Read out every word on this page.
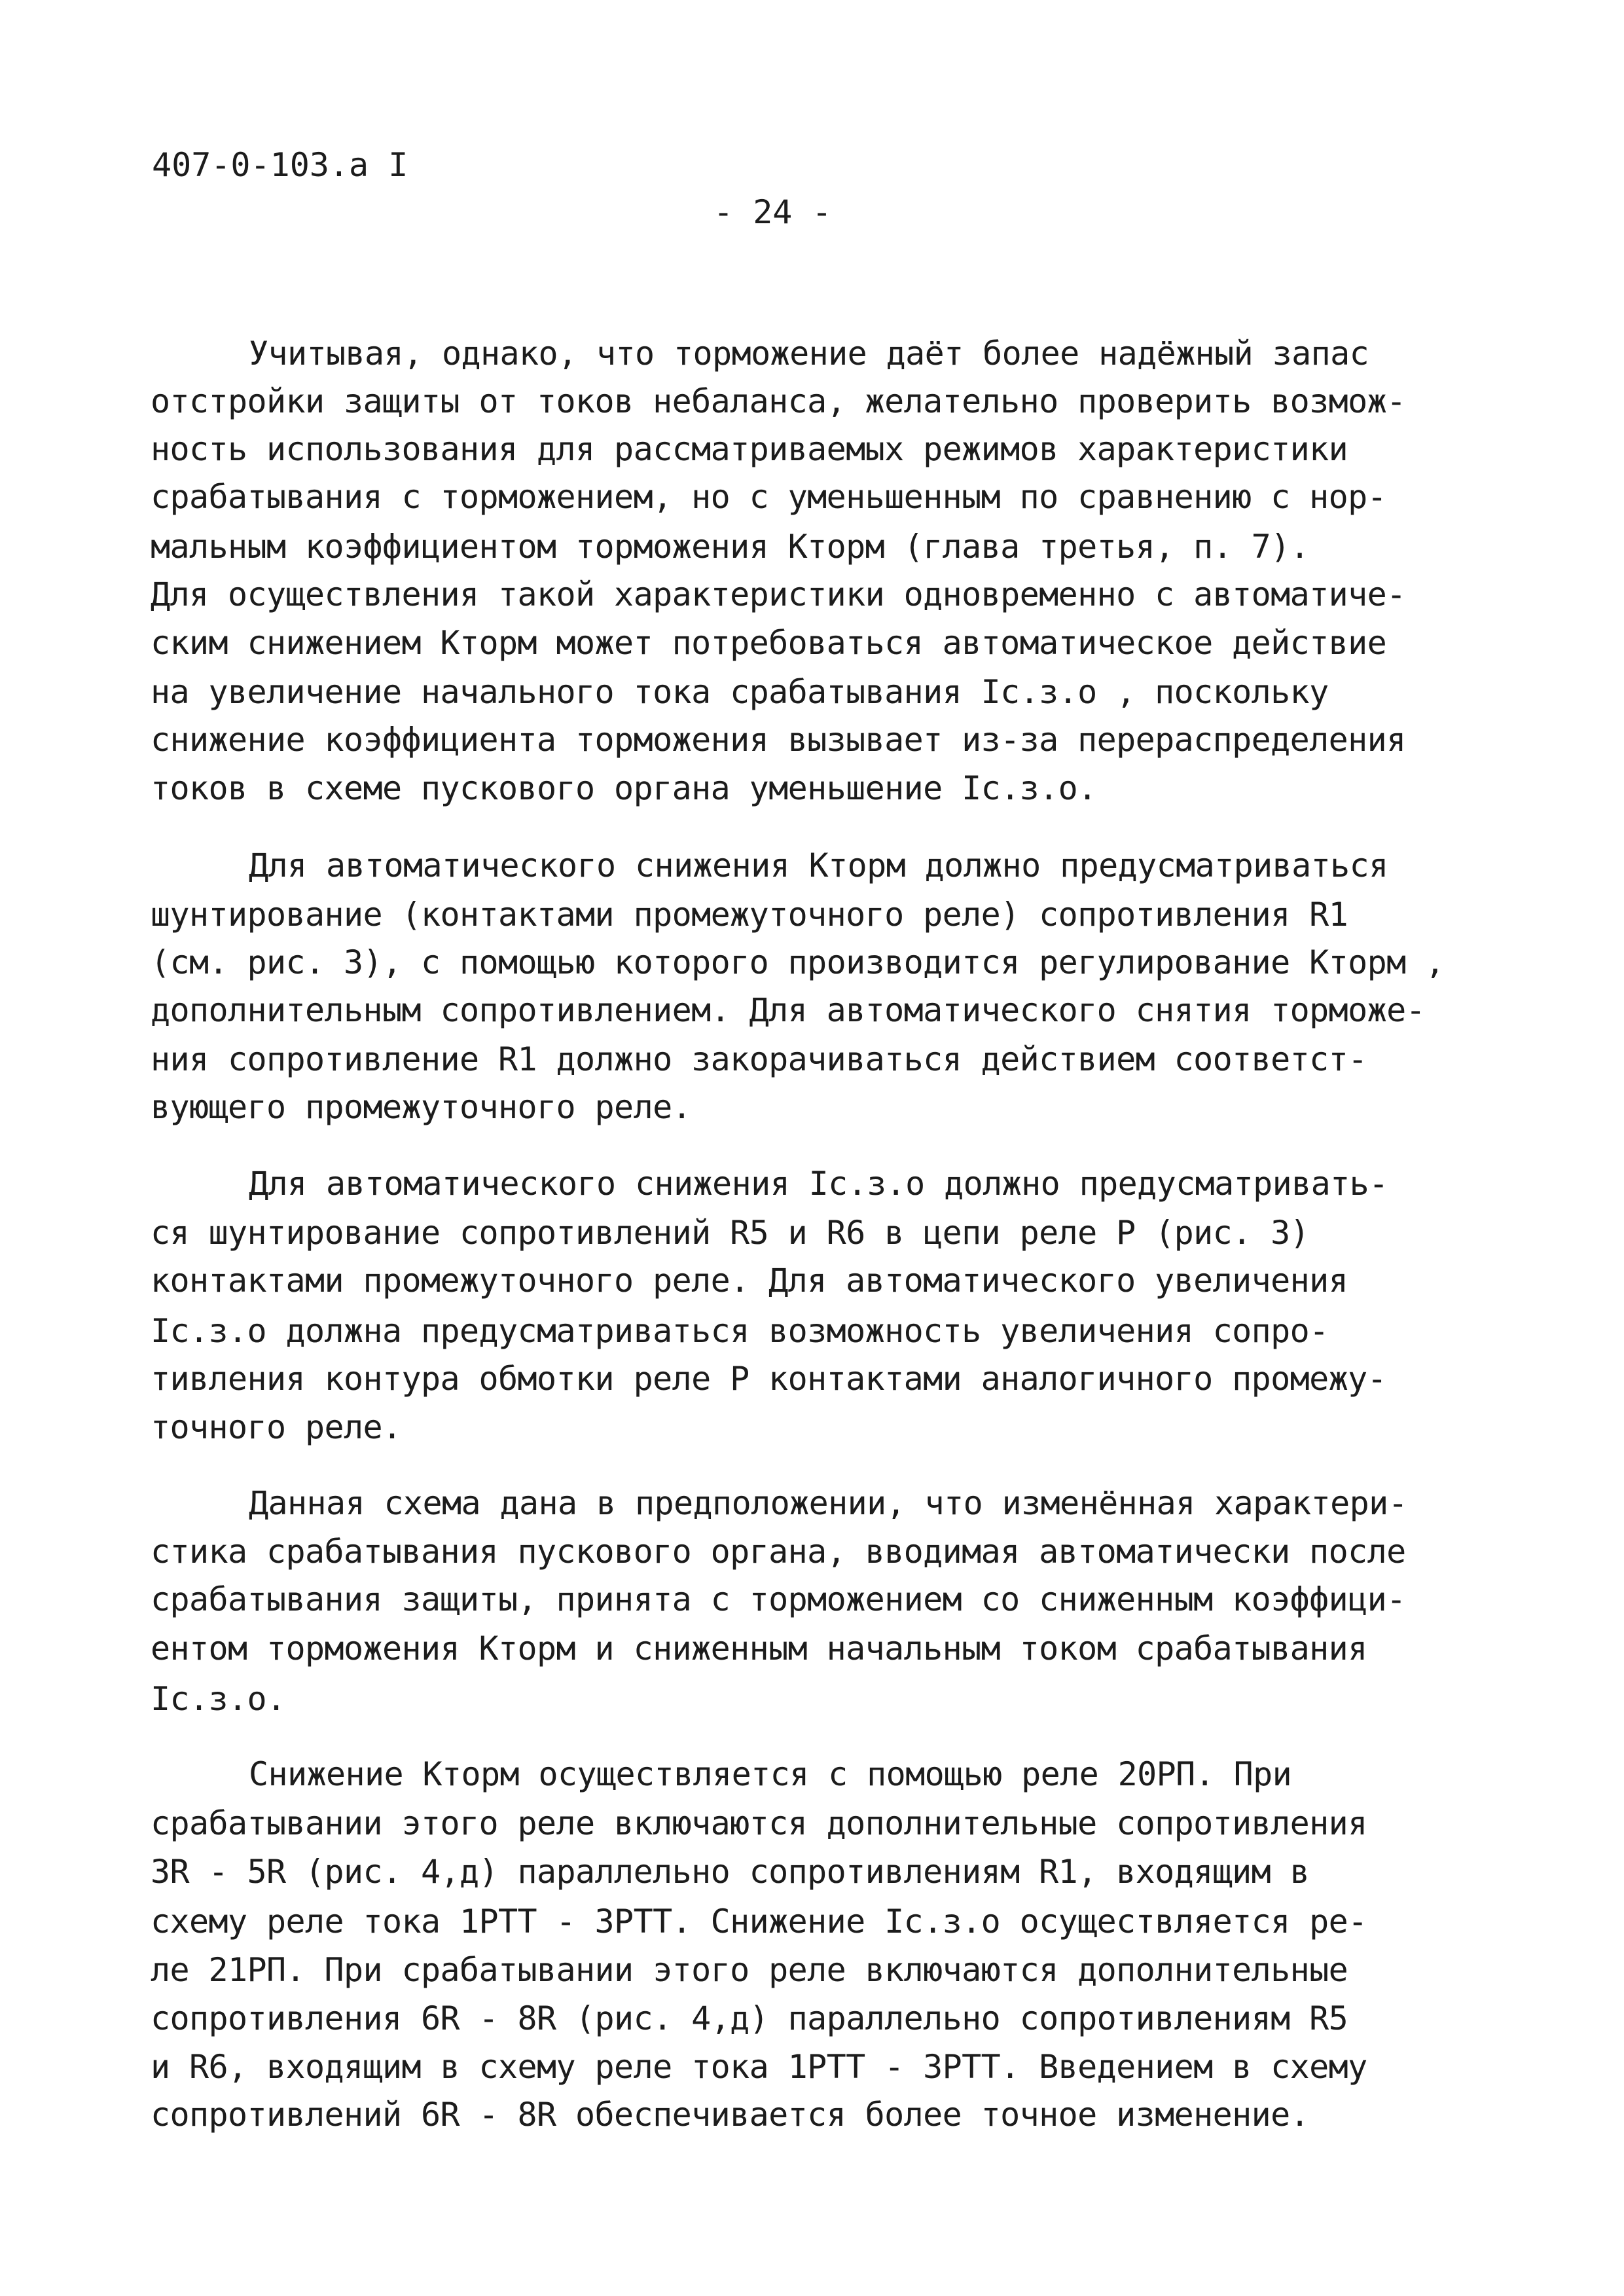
407-0-103.а I
- 24 -
Учитывая, однако, что торможение даёт более надёжный запас
отстройки защиты от токов небаланса, желательно проверить возмож-
ность использования для рассматриваемых режимов характеристики
срабатывания с торможением, но с уменьшенным по сравнению с нор-
мальным коэффициентом торможения Kторм (глава третья, п. 7).
Для осуществления такой характеристики одновременно с автоматиче-
ским снижением Kторм может потребоваться автоматическое действие
на увеличение начального тока срабатывания Iс.з.о , поскольку
снижение коэффициента торможения вызывает из-за перераспределения
токов в схеме пускового органа уменьшение Iс.з.о.
Для автоматического снижения Kторм должно предусматриваться
шунтирование (контактами промежуточного реле) сопротивления R1
(см. рис. 3), с помощью которого производится регулирование Kторм ,
дополнительным сопротивлением. Для автоматического снятия торможе-
ния сопротивление R1 должно закорачиваться действием соответст-
вующего промежуточного реле.
Для автоматического снижения Iс.з.о должно предусматривать-
ся шунтирование сопротивлений R5 и R6 в цепи реле Р (рис. 3)
контактами промежуточного реле. Для автоматического увеличения
Iс.з.о должна предусматриваться возможность увеличения сопро-
тивления контура обмотки реле Р контактами аналогичного промежу-
точного реле.
Данная схема дана в предположении, что изменённая характери-
стика срабатывания пускового органа, вводимая автоматически после
срабатывания защиты, принята с торможением со сниженным коэффици-
ентом торможения Kторм и сниженным начальным током срабатывания
Iс.з.о.
Снижение Kторм осуществляется с помощью реле 20РП. При
срабатывании этого реле включаются дополнительные сопротивления
3R - 5R (рис. 4,д) параллельно сопротивлениям R1, входящим в
схему реле тока 1РТТ - 3РТТ. Снижение Iс.з.о осуществляется ре-
ле 21РП. При срабатывании этого реле включаются дополнительные
сопротивления 6R - 8R (рис. 4,д) параллельно сопротивлениям R5
и R6, входящим в схему реле тока 1РТТ - 3РТТ. Введением в схему
сопротивлений 6R - 8R обеспечивается более точное изменение.
